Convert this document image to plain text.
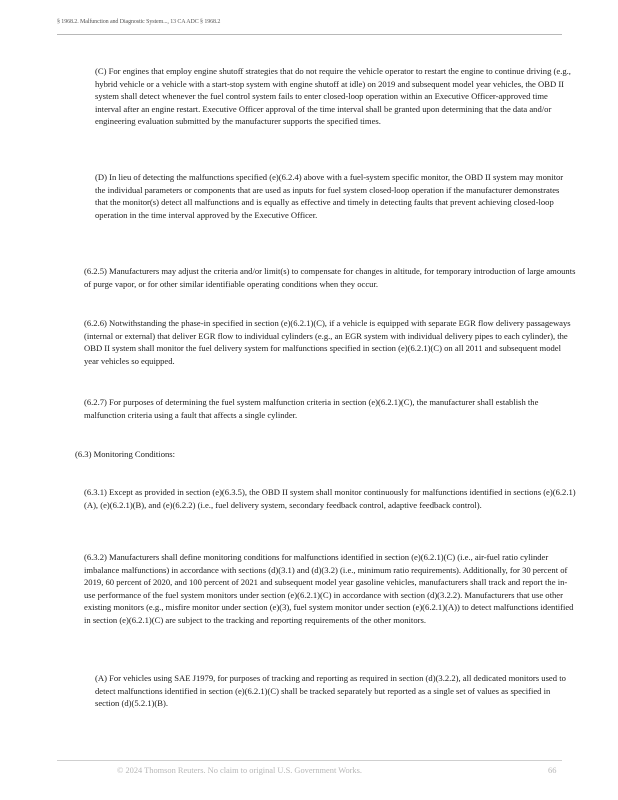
§ 1968.2. Malfunction and Diagnostic System..., 13 CA ADC § 1968.2

(C) For engines that employ engine shutoff strategies that do not require the vehicle operator to restart the engine to continue driving (e.g., hybrid vehicle or a vehicle with a start-stop system with engine shutoff at idle) on 2019 and subsequent model year vehicles, the OBD II system shall detect whenever the fuel control system fails to enter closed-loop operation within an Executive Officer-approved time interval after an engine restart. Executive Officer approval of the time interval shall be granted upon determining that the data and/or engineering evaluation submitted by the manufacturer supports the specified times.

(D) In lieu of detecting the malfunctions specified (e)(6.2.4) above with a fuel-system specific monitor, the OBD II system may monitor the individual parameters or components that are used as inputs for fuel system closed-loop operation if the manufacturer demonstrates that the monitor(s) detect all malfunctions and is equally as effective and timely in detecting faults that prevent achieving closed-loop operation in the time interval approved by the Executive Officer.

(6.2.5) Manufacturers may adjust the criteria and/or limit(s) to compensate for changes in altitude, for temporary introduction of large amounts of purge vapor, or for other similar identifiable operating conditions when they occur.

(6.2.6) Notwithstanding the phase-in specified in section (e)(6.2.1)(C), if a vehicle is equipped with separate EGR flow delivery passageways (internal or external) that deliver EGR flow to individual cylinders (e.g., an EGR system with individual delivery pipes to each cylinder), the OBD II system shall monitor the fuel delivery system for malfunctions specified in section (e)(6.2.1)(C) on all 2011 and subsequent model year vehicles so equipped.

(6.2.7) For purposes of determining the fuel system malfunction criteria in section (e)(6.2.1)(C), the manufacturer shall establish the malfunction criteria using a fault that affects a single cylinder.

(6.3) Monitoring Conditions:

(6.3.1) Except as provided in section (e)(6.3.5), the OBD II system shall monitor continuously for malfunctions identified in sections (e)(6.2.1)(A), (e)(6.2.1)(B), and (e)(6.2.2) (i.e., fuel delivery system, secondary feedback control, adaptive feedback control).

(6.3.2) Manufacturers shall define monitoring conditions for malfunctions identified in section (e)(6.2.1)(C) (i.e., air-fuel ratio cylinder imbalance malfunctions) in accordance with sections (d)(3.1) and (d)(3.2) (i.e., minimum ratio requirements). Additionally, for 30 percent of 2019, 60 percent of 2020, and 100 percent of 2021 and subsequent model year gasoline vehicles, manufacturers shall track and report the in-use performance of the fuel system monitors under section (e)(6.2.1)(C) in accordance with section (d)(3.2.2). Manufacturers that use other existing monitors (e.g., misfire monitor under section (e)(3), fuel system monitor under section (e)(6.2.1)(A)) to detect malfunctions identified in section (e)(6.2.1)(C) are subject to the tracking and reporting requirements of the other monitors.

(A) For vehicles using SAE J1979, for purposes of tracking and reporting as required in section (d)(3.2.2), all dedicated monitors used to detect malfunctions identified in section (e)(6.2.1)(C) shall be tracked separately but reported as a single set of values as specified in section (d)(5.2.1)(B).

© 2024 Thomson Reuters. No claim to original U.S. Government Works.	66
